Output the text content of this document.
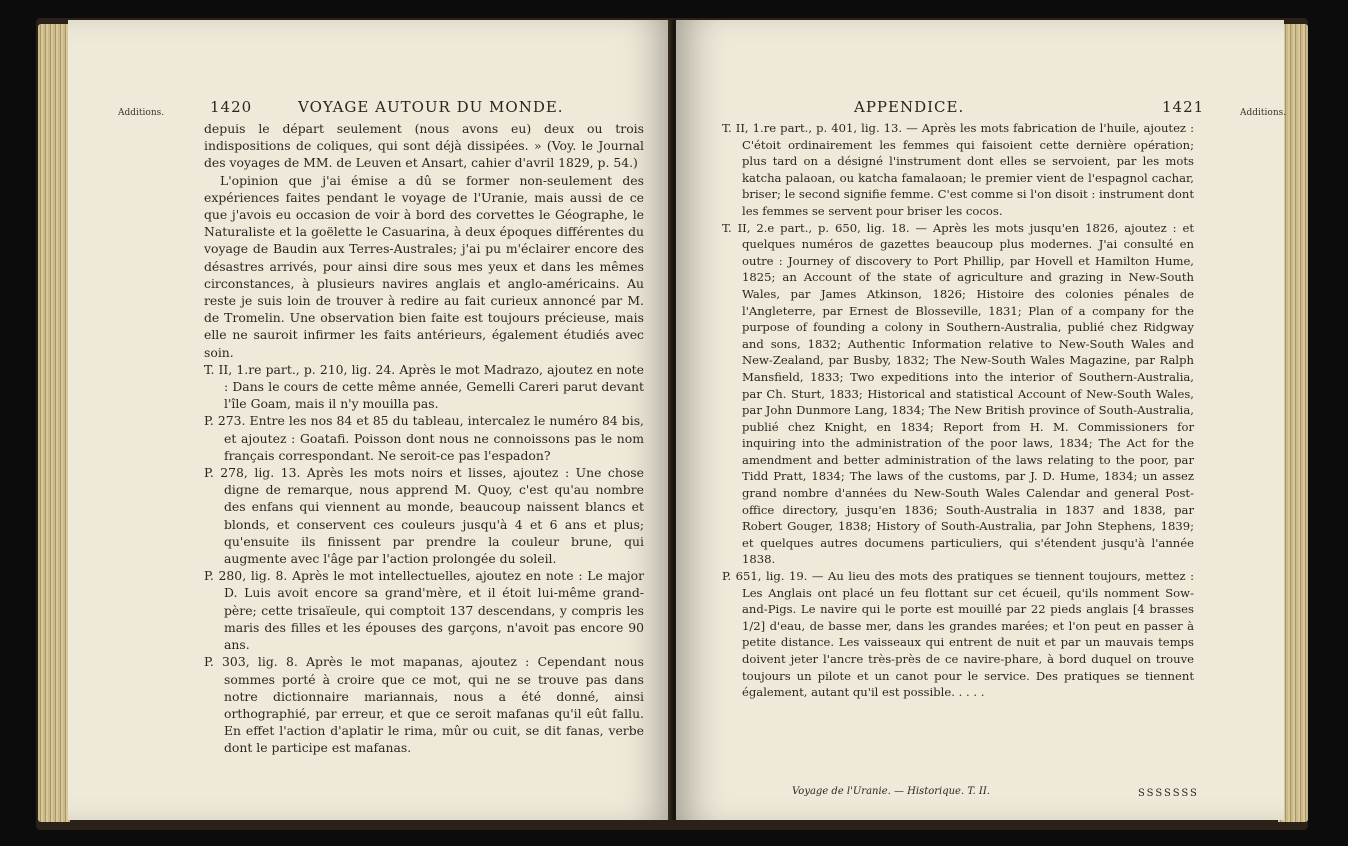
1420	VOYAGE AUTOUR DU MONDE.

depuis le départ seulement (nous avons eu) deux ou trois indispositions de coliques, qui sont déjà dissipées. » (Voy. le Journal des voyages de MM. de Leuven et Ansart, cahier d'avril 1829, p. 54.)

L'opinion que j'ai émise a dû se former non-seulement des expériences faites pendant le voyage de l'Uranie, mais aussi de ce que j'avois eu occasion de voir à bord des corvettes le Géographe, le Naturaliste et la goëlette le Casuarina, à deux époques différentes du voyage de Baudin aux Terres-Australes; j'ai pu m'éclairer encore des désastres arrivés, pour ainsi dire sous mes yeux et dans les mêmes circonstances, à plusieurs navires anglais et anglo-américains. Au reste je suis loin de trouver à redire au fait curieux annoncé par M. de Tromelin. Une observation bien faite est toujours précieuse, mais elle ne sauroit infirmer les faits antérieurs, également étudiés avec soin.

T. II, 1.re part., p. 210, lig. 24. Après le mot Madrazo, ajoutez en note : Dans le cours de cette même année, Gemelli Careri parut devant l'île Goam, mais il n'y mouilla pas.

P. 273. Entre les nos 84 et 85 du tableau, intercalez le numéro 84 bis, et ajoutez : Goatafi. Poisson dont nous ne connoissons pas le nom français correspondant. Ne seroit-ce pas l'espadon?

P. 278, lig. 13. Après les mots noirs et lisses, ajoutez : Une chose digne de remarque, nous apprend M. Quoy, c'est qu'au nombre des enfans qui viennent au monde, beaucoup naissent blancs et blonds, et conservent ces couleurs jusqu'à 4 et 6 ans et plus; qu'ensuite ils finissent par prendre la couleur brune, qui augmente avec l'âge par l'action prolongée du soleil.

P. 280, lig. 8. Après le mot intellectuelles, ajoutez en note : Le major D. Luis avoit encore sa grand'mère, et il étoit lui-même grand-père; cette trisaïeule, qui comptoit 137 descendans, y compris les maris des filles et les épouses des garçons, n'avoit pas encore 90 ans.

P. 303, lig. 8. Après le mot mapanas, ajoutez : Cependant nous sommes porté à croire que ce mot, qui ne se trouve pas dans notre dictionnaire mariannais, nous a été donné, ainsi orthographié, par erreur, et que ce seroit mafanas qu'il eût fallu. En effet l'action d'aplatir le rima, mûr ou cuit, se dit fanas, verbe dont le participe est mafanas.

Additions.	APPENDICE.	1421

T. II, 1.re part., p. 401, lig. 13. — Après les mots fabrication de l'huile, ajoutez : C'étoit ordinairement les femmes qui faisoient cette dernière opération; plus tard on a désigné l'instrument dont elles se servoient, par les mots katcha palaoan, ou katcha famalaoan; le premier vient de l'espagnol cachar, briser; le second signifie femme. C'est comme si l'on disoit : instrument dont les femmes se servent pour briser les cocos.

T. II, 2.e part., p. 650, lig. 18. — Après les mots jusqu'en 1826, ajoutez : et quelques numéros de gazettes beaucoup plus modernes. J'ai consulté en outre : Journey of discovery to Port Phillip, par Hovell et Hamilton Hume, 1825; an Account of the state of agriculture and grazing in New-South Wales, par James Atkinson, 1826; Histoire des colonies pénales de l'Angleterre, par Ernest de Blosseville, 1831; Plan of a company for the purpose of founding a colony in Southern-Australia, publié chez Ridgway and sons, 1832; Authentic Information relative to New-South Wales and New-Zealand, par Busby, 1832; The New-South Wales Magazine, par Ralph Mansfield, 1833; Two expeditions into the interior of Southern-Australia, par Ch. Sturt, 1833; Historical and statistical Account of New-South Wales, par John Dunmore Lang, 1834; The New British province of South-Australia, publié chez Knight, en 1834; Report from H. M. Commissioners for inquiring into the administration of the poor laws, 1834; The Act for the amendment and better administration of the laws relating to the poor, par Tidd Pratt, 1834; The laws of the customs, par J. D. Hume, 1834; un assez grand nombre d'années du New-South Wales Calendar and general Post-office directory, jusqu'en 1836; South-Australia in 1837 and 1838, par Robert Gouger, 1838; History of South-Australia, par John Stephens, 1839; et quelques autres documens particuliers, qui s'étendent jusqu'à l'année 1838.

P. 651, lig. 19. — Au lieu des mots des pratiques se tiennent toujours, mettez : Les Anglais ont placé un feu flottant sur cet écueil, qu'ils nomment Sow-and-Pigs. Le navire qui le porte est mouillé par 22 pieds anglais [4 brasses 1/2] d'eau, de basse mer, dans les grandes marées; et l'on peut en passer à petite distance. Les vaisseaux qui entrent de nuit et par un mauvais temps doivent jeter l'ancre très-près de ce navire-phare, à bord duquel on trouve toujours un pilote et un canot pour le service. Des pratiques se tiennent également, autant qu'il est possible. . . . .

Voyage de l'Uranie. — Historique. T. II.	SSSSSSS
Additions.
